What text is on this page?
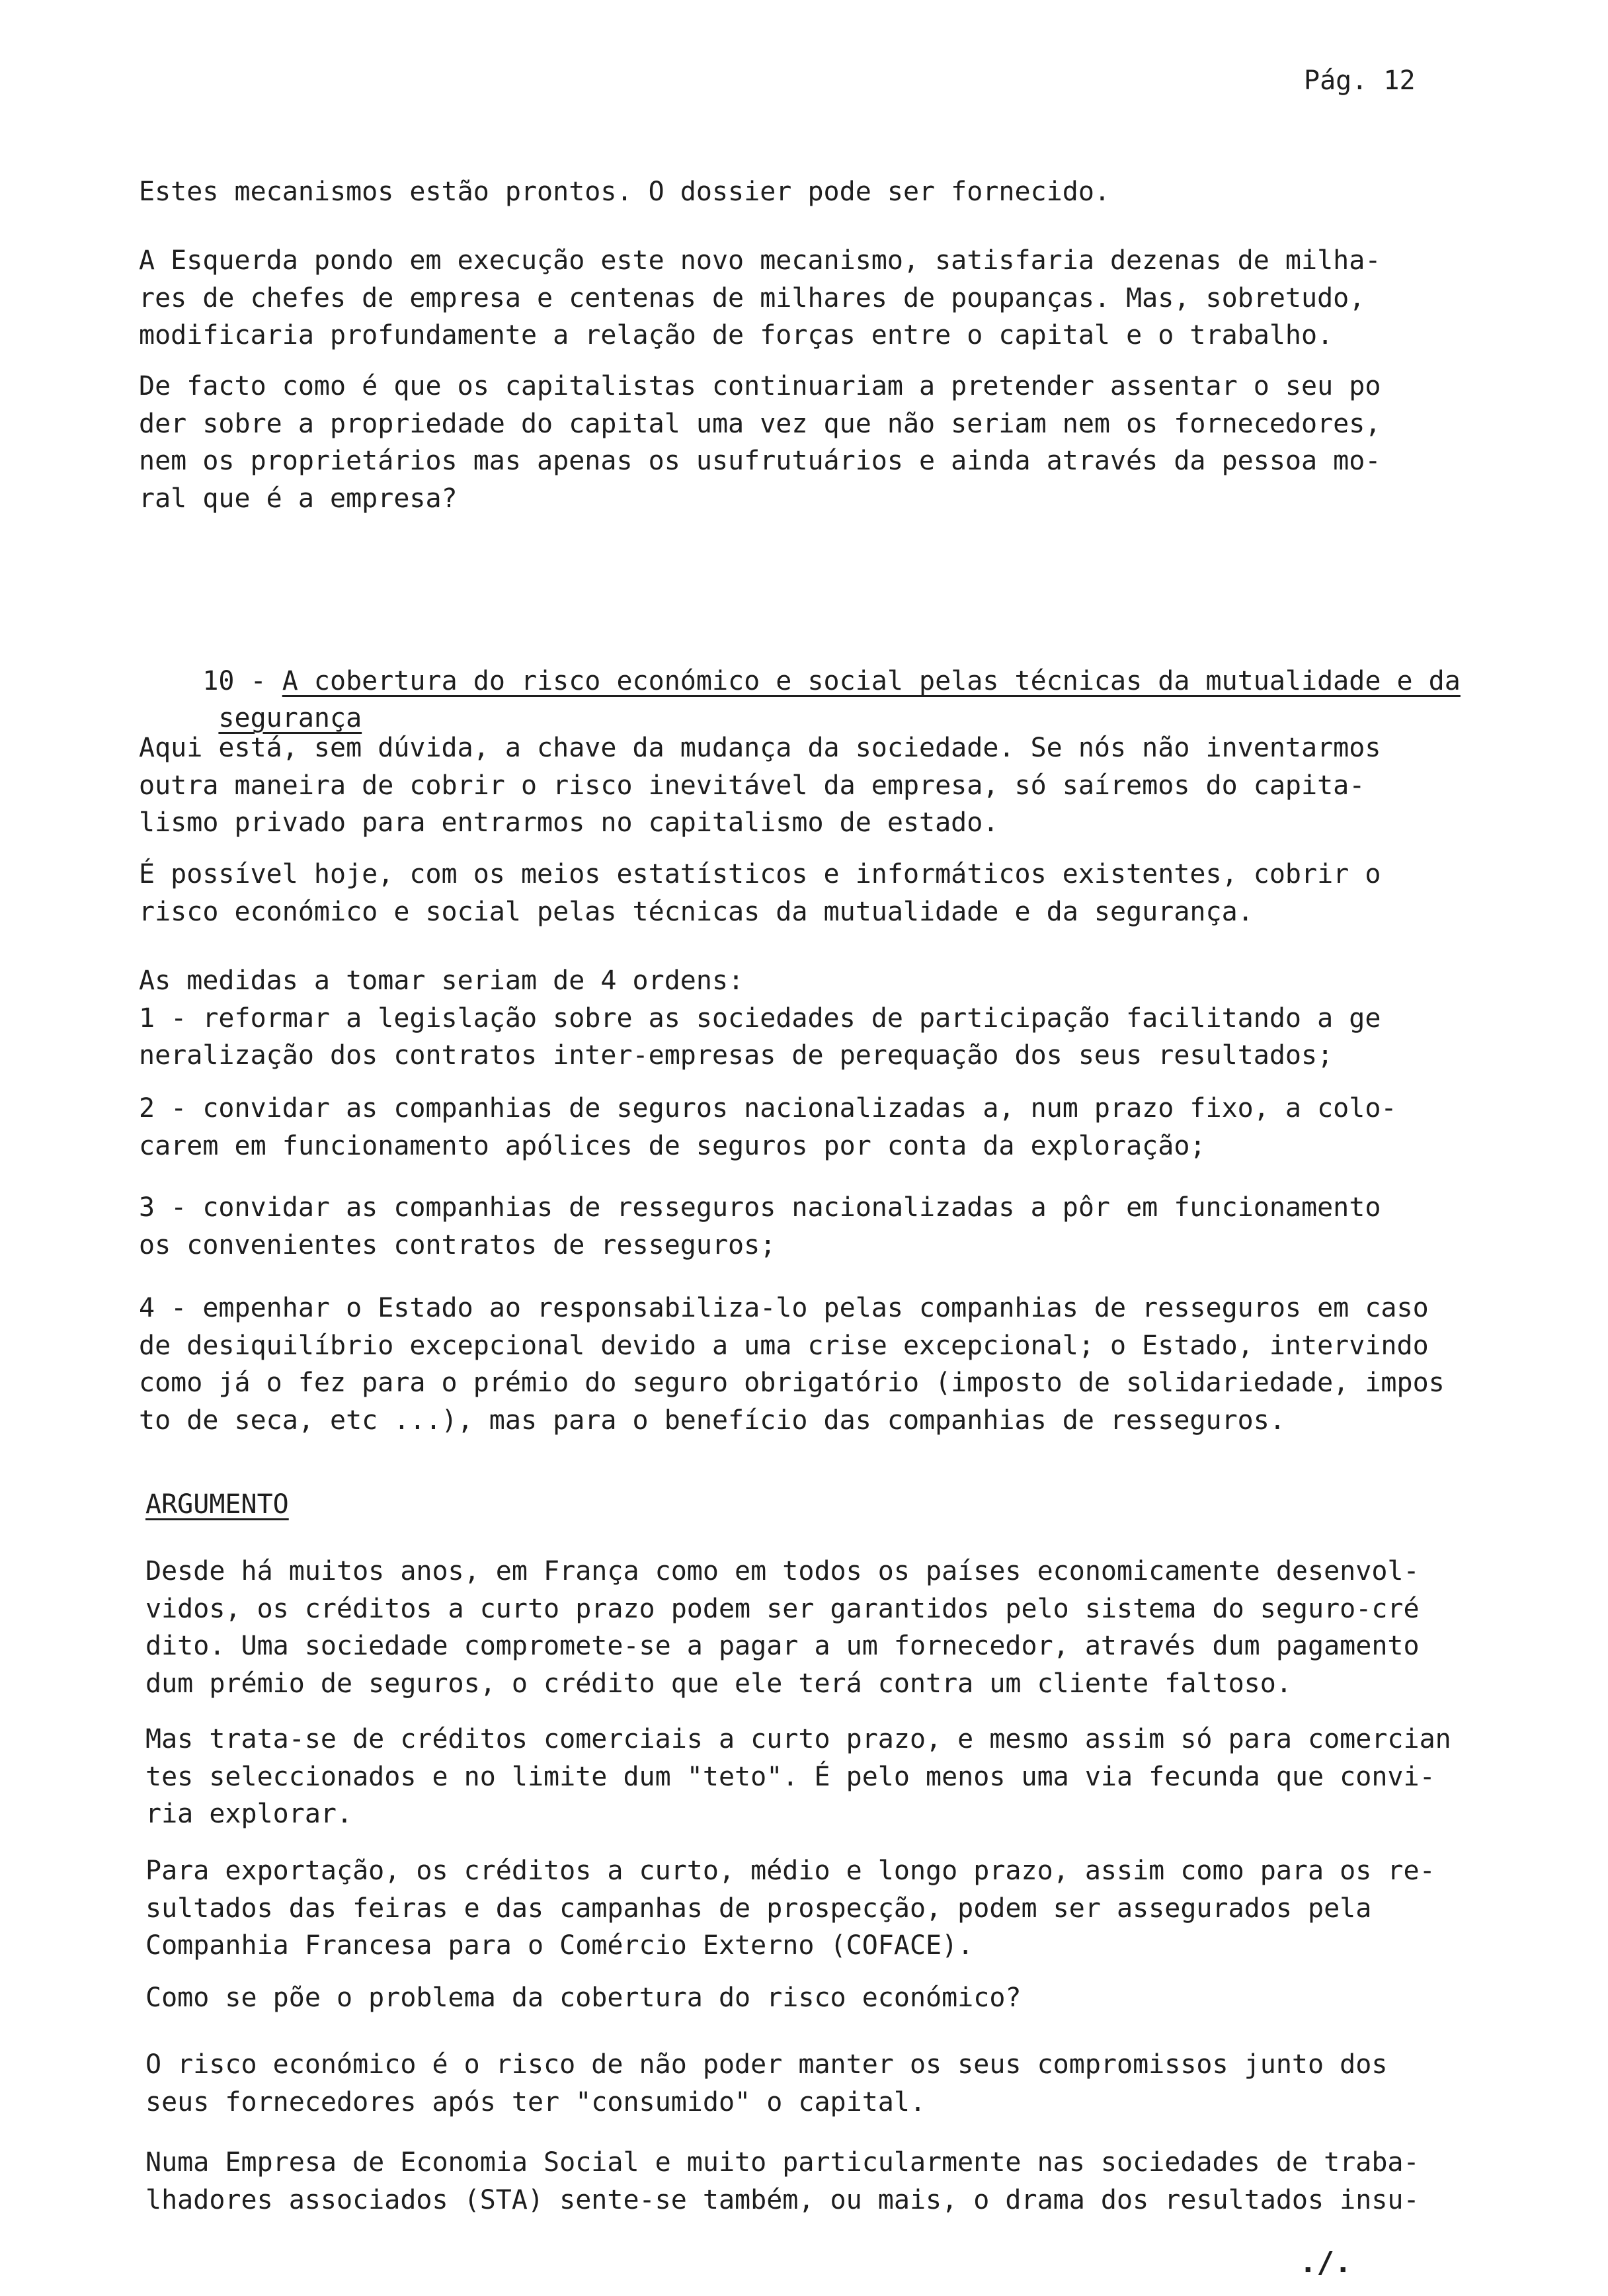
Pág. 12

Estes mecanismos estão prontos. O dossier pode ser fornecido.

A Esquerda pondo em execução este novo mecanismo, satisfaria dezenas de milha-
res de chefes de empresa e centenas de milhares de poupanças. Mas, sobretudo,
modificaria profundamente a relação de forças entre o capital e o trabalho.

De facto como é que os capitalistas continuariam a pretender assentar o seu po
der sobre a propriedade do capital uma vez que não seriam nem os fornecedores,
nem os proprietários mas apenas os usufrutuários e ainda através da pessoa mo-
ral que é a empresa?

10 - A cobertura do risco económico e social pelas técnicas da mutualidade e da
segurança

Aqui está, sem dúvida, a chave da mudança da sociedade. Se nós não inventarmos
outra maneira de cobrir o risco inevitável da empresa, só saíremos do capita-
lismo privado para entrarmos no capitalismo de estado.

É possível hoje, com os meios estatísticos e informáticos existentes, cobrir o
risco económico e social pelas técnicas da mutualidade e da segurança.

As medidas a tomar seriam de 4 ordens:
1 - reformar a legislação sobre as sociedades de participação facilitando a ge
neralização dos contratos inter-empresas de perequação dos seus resultados;

2 - convidar as companhias de seguros nacionalizadas a, num prazo fixo, a colo-
carem em funcionamento apólices de seguros por conta da exploração;

3 - convidar as companhias de resseguros nacionalizadas a pôr em funcionamento
os convenientes contratos de resseguros;

4 - empenhar o Estado ao responsabiliza-lo pelas companhias de resseguros em caso
de desiquilíbrio excepcional devido a uma crise excepcional; o Estado, intervindo
como já o fez para o prémio do seguro obrigatório (imposto de solidariedade, impos
to de seca, etc ...), mas para o benefício das companhias de resseguros.

ARGUMENTO

Desde há muitos anos, em França como em todos os países economicamente desenvol-
vidos, os créditos a curto prazo podem ser garantidos pelo sistema do seguro-cré
dito. Uma sociedade compromete-se a pagar a um fornecedor, através dum pagamento
dum prémio de seguros, o crédito que ele terá contra um cliente faltoso.

Mas trata-se de créditos comerciais a curto prazo, e mesmo assim só para comercian
tes seleccionados e no limite dum "teto". É pelo menos uma via fecunda que convi-
ria explorar.

Para exportação, os créditos a curto, médio e longo prazo, assim como para os re-
sultados das feiras e das campanhas de prospecção, podem ser assegurados pela
Companhia Francesa para o Comércio Externo (COFACE).

Como se põe o problema da cobertura do risco económico?

O risco económico é o risco de não poder manter os seus compromissos junto dos
seus fornecedores após ter "consumido" o capital.

Numa Empresa de Economia Social e muito particularmente nas sociedades de traba-
lhadores associados (STA) sente-se também, ou mais, o drama dos resultados insu-

./.
